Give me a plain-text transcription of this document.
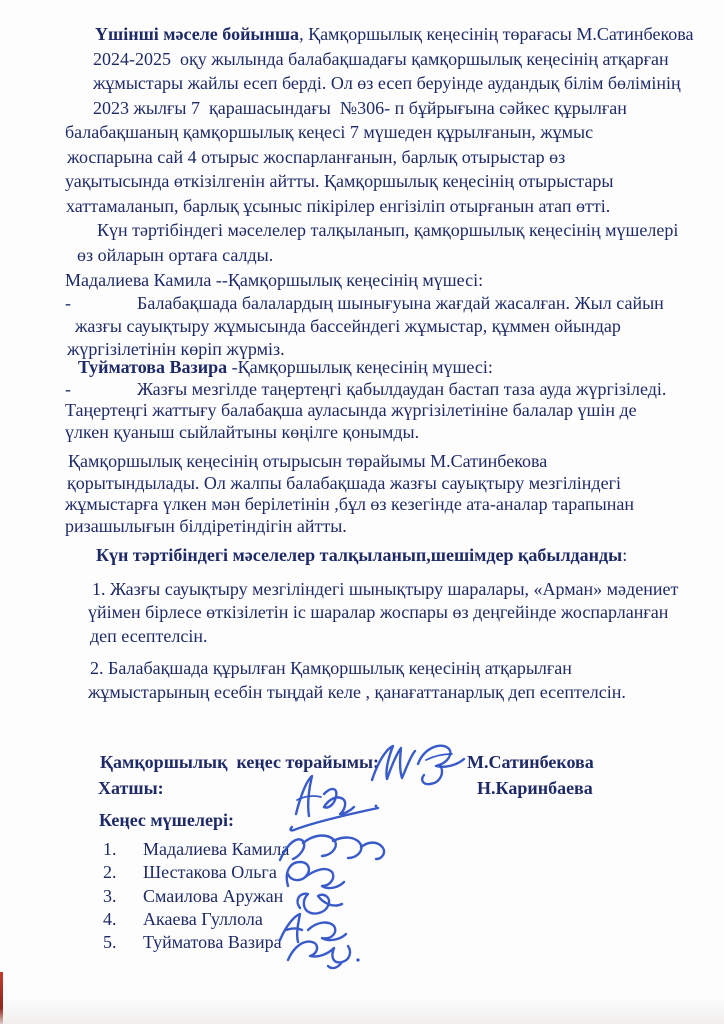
Үшінші мәселе бойынша, Қамқоршылық кеңесінің төрағасы М.Сатинбекова
2024-2025  оқу жылында балабақшадағы қамқоршылық кеңесінің атқарған
жұмыстары жайлы есеп берді. Ол өз есеп беруінде аудандық білім бөлімінің
2023 жылғы 7  қарашасындағы  №306- п бұйрығына сәйкес құрылған
балабақшаның қамқоршылық кеңесі 7 мүшеден құрылғанын, жұмыс
жоспарына сай 4 отырыс жоспарланғанын, барлық отырыстар өз
уақытысында өткізілгенін айтты. Қамқоршылық кеңесінің отырыстары
хаттамаланып, барлық ұсыныс пікірілер енгізіліп отырғанын атап өтті.
Күн тәртібіндегі мәселелер талқыланып, қамқоршылық кеңесінің мүшелері
өз ойларын ортаға салды.
Мадалиева Камила --Қамқоршылық кеңесінің мүшесі:
-	Балабақшада балалардың шынығуына жағдай жасалған. Жыл сайын
жазғы сауықтыру жұмысында бассейндегі жұмыстар, құммен ойындар
жүргізілетінін көріп жүрміз.
Туйматова Вазира -Қамқоршылық кеңесінің мүшесі:
-	Жазғы мезгілде таңертеңгі қабылдаудан бастап таза ауда жүргізіледі.
Таңертеңгі жаттығу балабақша ауласында жүргізілетініне балалар үшін де
үлкен қуаныш сыйлайтыны көңілге қонымды.
Қамқоршылық кеңесінің отырысын төрайымы М.Сатинбекова
қорытындылады. Ол жалпы балабақшада жазғы сауықтыру мезгіліндегі
жұмыстарға үлкен мән берілетінін ,бұл өз кезегінде ата-аналар тарапынан
ризашылығын білдіретіндігін айтты.
Күн тәртібіндегі мәселелер талқыланып,шешімдер қабылданды:
1. Жазғы сауықтыру мезгіліндегі шынықтыру шаралары, «Арман» мәдениет
үйімен бірлесе өткізілетін іс шаралар жоспары өз деңгейінде жоспарланған
деп есептелсін.
2. Балабақшада құрылған Қамқоршылық кеңесінің атқарылған
жұмыстарының есебін тыңдай келе , қанағаттанарлық деп есептелсін.
Қамқоршылық  кеңес төрайымы:	М.Сатинбекова
Хатшы:	Н.Каринбаева
Кеңес мүшелері:
1. Мадалиева Камила
2. Шестакова Ольга
3. Смаилова Аружан
4. Акаева Гуллола
5. Туйматова Вазира
